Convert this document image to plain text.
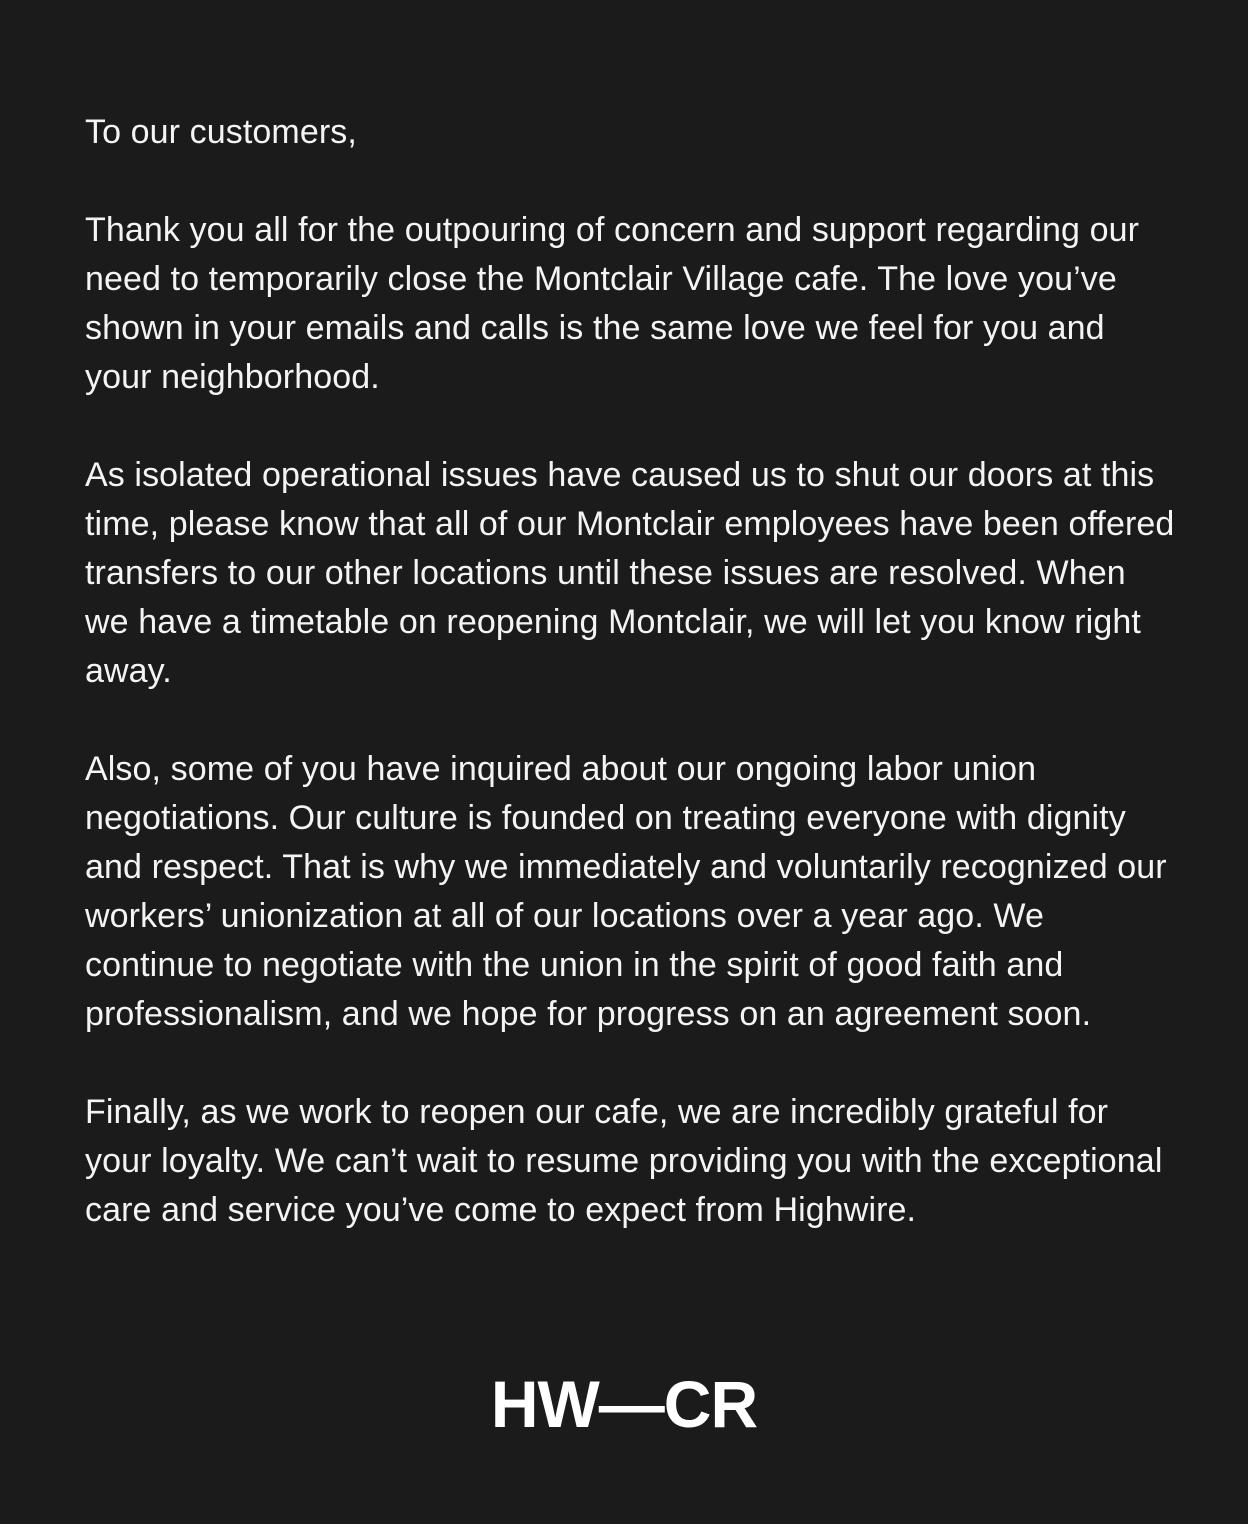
To our customers,

Thank you all for the outpouring of concern and support regarding our need to temporarily close the Montclair Village cafe. The love you’ve shown in your emails and calls is the same love we feel for you and your neighborhood.

As isolated operational issues have caused us to shut our doors at this time, please know that all of our Montclair employees have been offered transfers to our other locations until these issues are resolved. When we have a timetable on reopening Montclair, we will let you know right away.

Also, some of you have inquired about our ongoing labor union negotiations. Our culture is founded on treating everyone with dignity and respect. That is why we immediately and voluntarily recognized our workers’ unionization at all of our locations over a year ago. We continue to negotiate with the union in the spirit of good faith and professionalism, and we hope for progress on an agreement soon.

Finally, as we work to reopen our cafe, we are incredibly grateful for your loyalty. We can’t wait to resume providing you with the exceptional care and service you’ve come to expect from Highwire.

HW—CR
